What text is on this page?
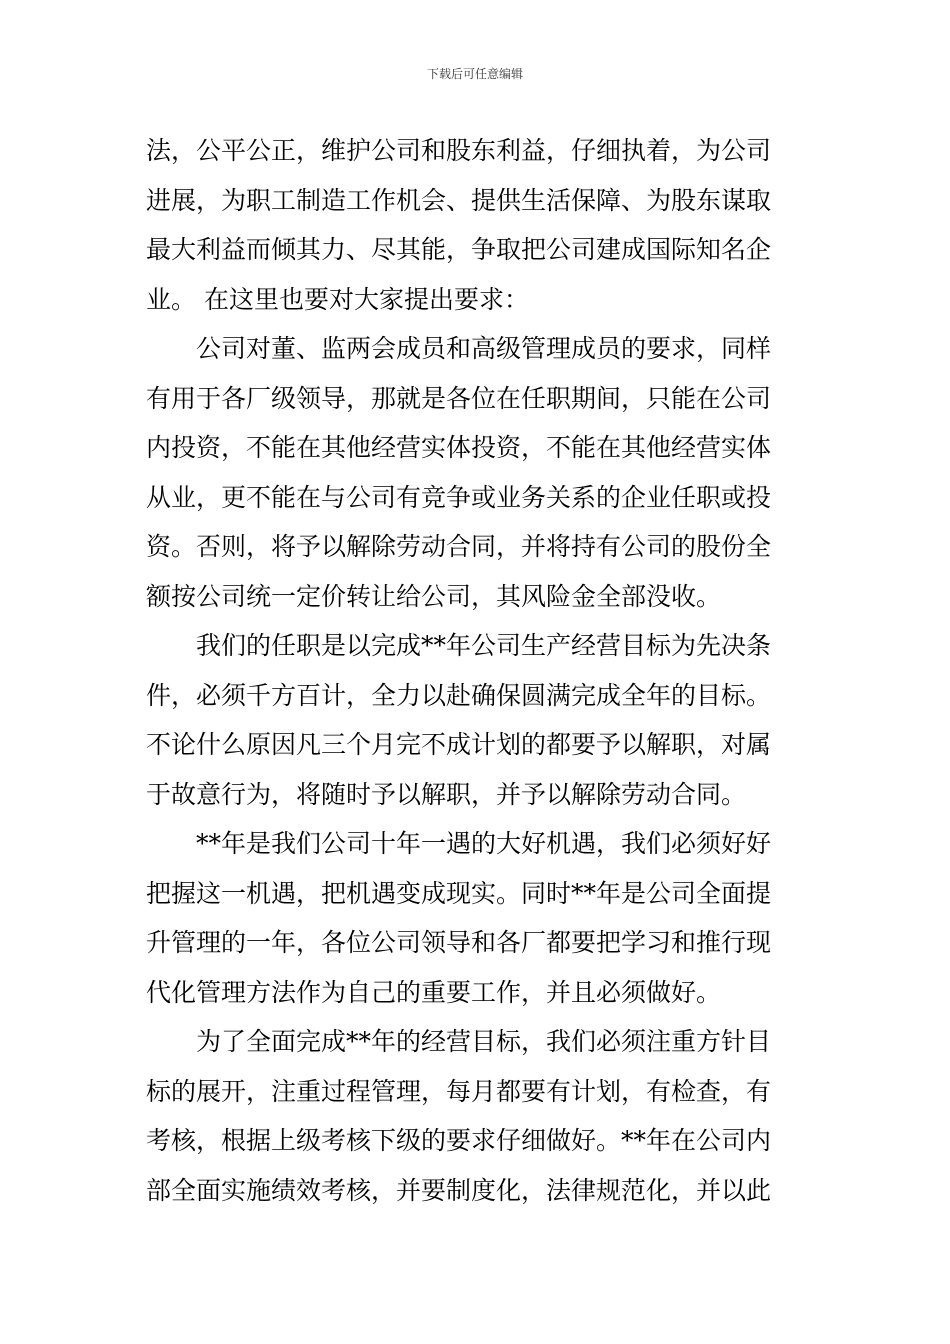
下载后可任意编辑
法，公平公正，维护公司和股东利益，仔细执着，为公司
进展，为职工制造工作机会、提供生活保障、为股东谋取
最大利益而倾其力、尽其能，争取把公司建成国际知名企
业。 在这里也要对大家提出要求：
　　公司对董、监两会成员和高级管理成员的要求，同样
有用于各厂级领导，那就是各位在任职期间，只能在公司
内投资，不能在其他经营实体投资，不能在其他经营实体
从业，更不能在与公司有竞争或业务关系的企业任职或投
资。否则，将予以解除劳动合同，并将持有公司的股份全
额按公司统一定价转让给公司，其风险金全部没收。
　　我们的任职是以完成**年公司生产经营目标为先决条
件，必须千方百计，全力以赴确保圆满完成全年的目标。
不论什么原因凡三个月完不成计划的都要予以解职，对属
于故意行为，将随时予以解职，并予以解除劳动合同。
　　**年是我们公司十年一遇的大好机遇，我们必须好好
把握这一机遇，把机遇变成现实。同时**年是公司全面提
升管理的一年，各位公司领导和各厂都要把学习和推行现
代化管理方法作为自己的重要工作，并且必须做好。
　　为了全面完成**年的经营目标，我们必须注重方针目
标的展开，注重过程管理，每月都要有计划，有检查，有
考核，根据上级考核下级的要求仔细做好。**年在公司内
部全面实施绩效考核，并要制度化，法律规范化，并以此
